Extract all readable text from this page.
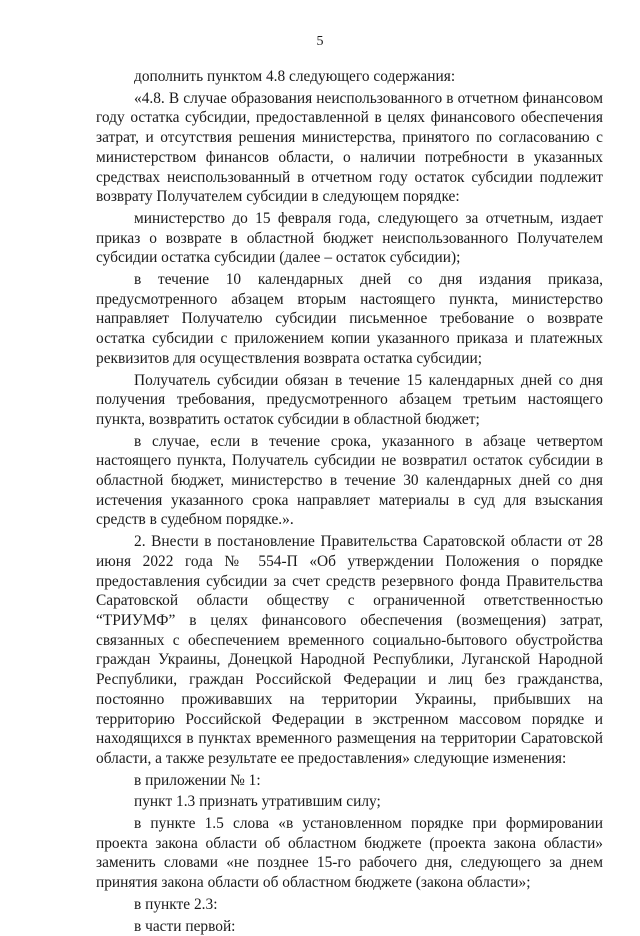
5

дополнить пунктом 4.8 следующего содержания:

«4.8. В случае образования неиспользованного в отчетном финансовом году остатка субсидии, предоставленной в целях финансового обеспечения затрат, и отсутствия решения министерства, принятого по согласованию с министерством финансов области, о наличии потребности в указанных средствах неиспользованный в отчетном году остаток субсидии подлежит возврату Получателем субсидии в следующем порядке:

министерство до 15 февраля года, следующего за отчетным, издает приказ о возврате в областной бюджет неиспользованного Получателем субсидии остатка субсидии (далее – остаток субсидии);

в течение 10 календарных дней со дня издания приказа, предусмотренного абзацем вторым настоящего пункта, министерство направляет Получателю субсидии письменное требование о возврате остатка субсидии с приложением копии указанного приказа и платежных реквизитов для осуществления возврата остатка субсидии;

Получатель субсидии обязан в течение 15 календарных дней со дня получения требования, предусмотренного абзацем третьим настоящего пункта, возвратить остаток субсидии в областной бюджет;

в случае, если в течение срока, указанного в абзаце четвертом настоящего пункта, Получатель субсидии не возвратил остаток субсидии в областной бюджет, министерство в течение 30 календарных дней со дня истечения указанного срока направляет материалы в суд для взыскания средств в судебном порядке.».

2. Внести в постановление Правительства Саратовской области от 28 июня 2022 года № 554-П «Об утверждении Положения о порядке предоставления субсидии за счет средств резервного фонда Правительства Саратовской области обществу с ограниченной ответственностью “ТРИУМФ” в целях финансового обеспечения (возмещения) затрат, связанных с обеспечением временного социально-бытового обустройства граждан Украины, Донецкой Народной Республики, Луганской Народной Республики, граждан Российской Федерации и лиц без гражданства, постоянно проживавших на территории Украины, прибывших на территорию Российской Федерации в экстренном массовом порядке и находящихся в пунктах временного размещения на территории Саратовской области, а также результате ее предоставления» следующие изменения:

в приложении № 1:

пункт 1.3 признать утратившим силу;

в пункте 1.5 слова «в установленном порядке при формировании проекта закона области об областном бюджете (проекта закона области» заменить словами «не позднее 15-го рабочего дня, следующего за днем принятия закона области об областном бюджете (закона области»;

в пункте 2.3:

в части первой:
